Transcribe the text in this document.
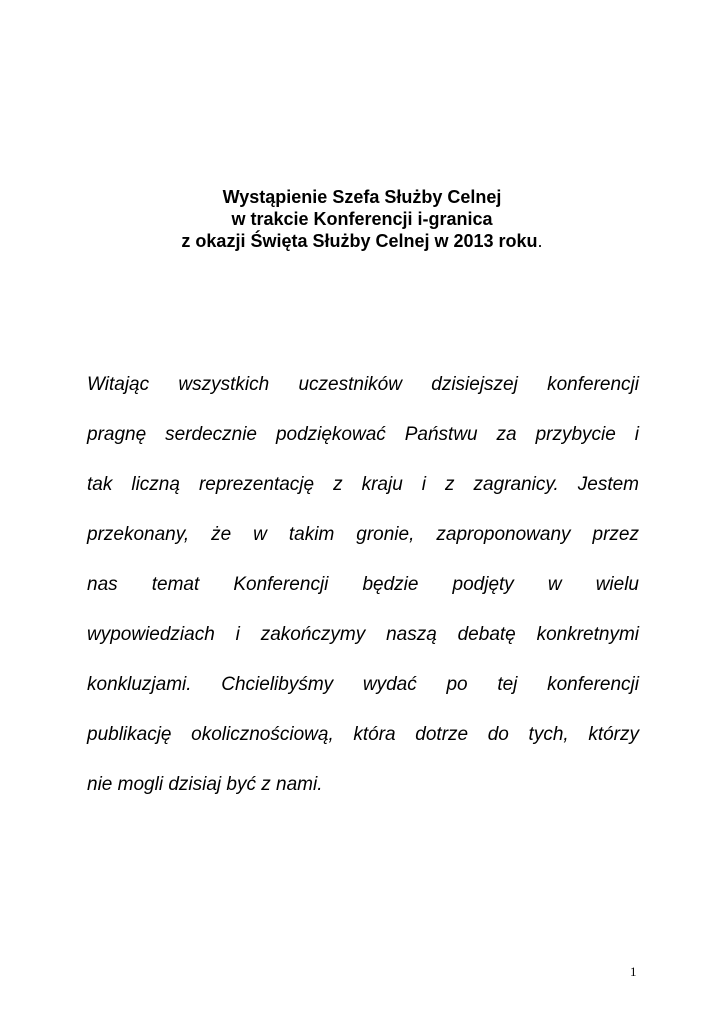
Wystąpienie Szefa Służby Celnej
w trakcie Konferencji i-granica
z okazji Święta Służby Celnej w 2013 roku.
Witając wszystkich uczestników dzisiejszej konferencji
pragnę serdecznie podziękować Państwu za przybycie i
tak liczną reprezentację z kraju i z zagranicy. Jestem
przekonany, że w takim gronie, zaproponowany przez
nas temat Konferencji będzie podjęty w wielu
wypowiedziach i zakończymy naszą debatę konkretnymi
konkluzjami. Chcielibyśmy wydać po tej konferencji
publikację okolicznościową, która dotrze do tych, którzy
nie mogli dzisiaj być z nami.
1
